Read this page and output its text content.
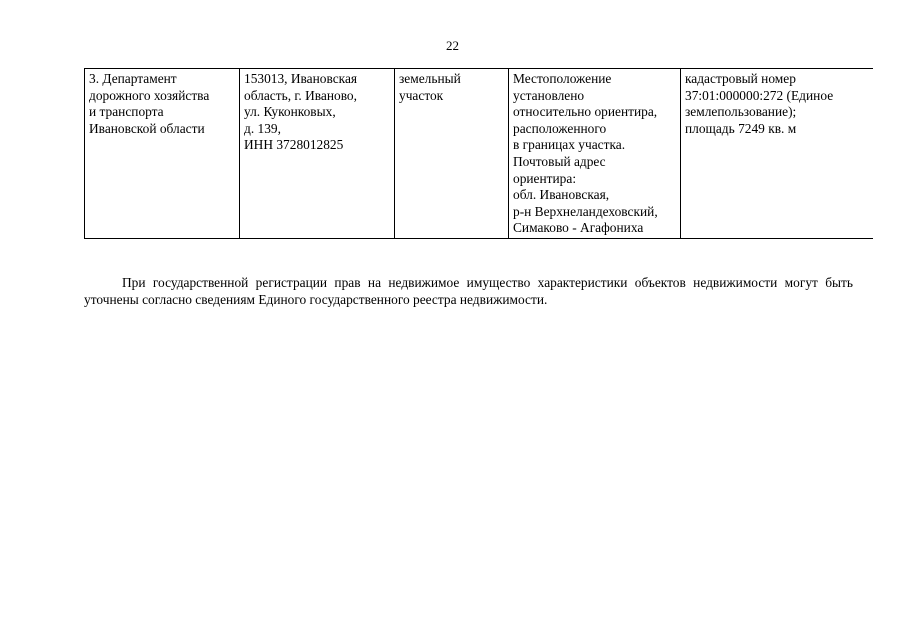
22
3. Департамент
дорожного хозяйства
и транспорта
Ивановской области	153013, Ивановская
область, г. Иваново,
ул. Куконковых,
д. 139,
ИНН 3728012825	земельный
участок	Местоположение
установлено
относительно ориентира,
расположенного
в границах участка.
Почтовый адрес
ориентира:
обл. Ивановская,
р-н Верхнеландеховский,
Симаково - Агафониха	кадастровый номер
37:01:000000:272 (Единое
землепользование);
площадь 7249 кв. м

При государственной регистрации прав на недвижимое имущество характеристики объектов недвижимости могут быть уточнены согласно сведениям Единого государственного реестра недвижимости.
